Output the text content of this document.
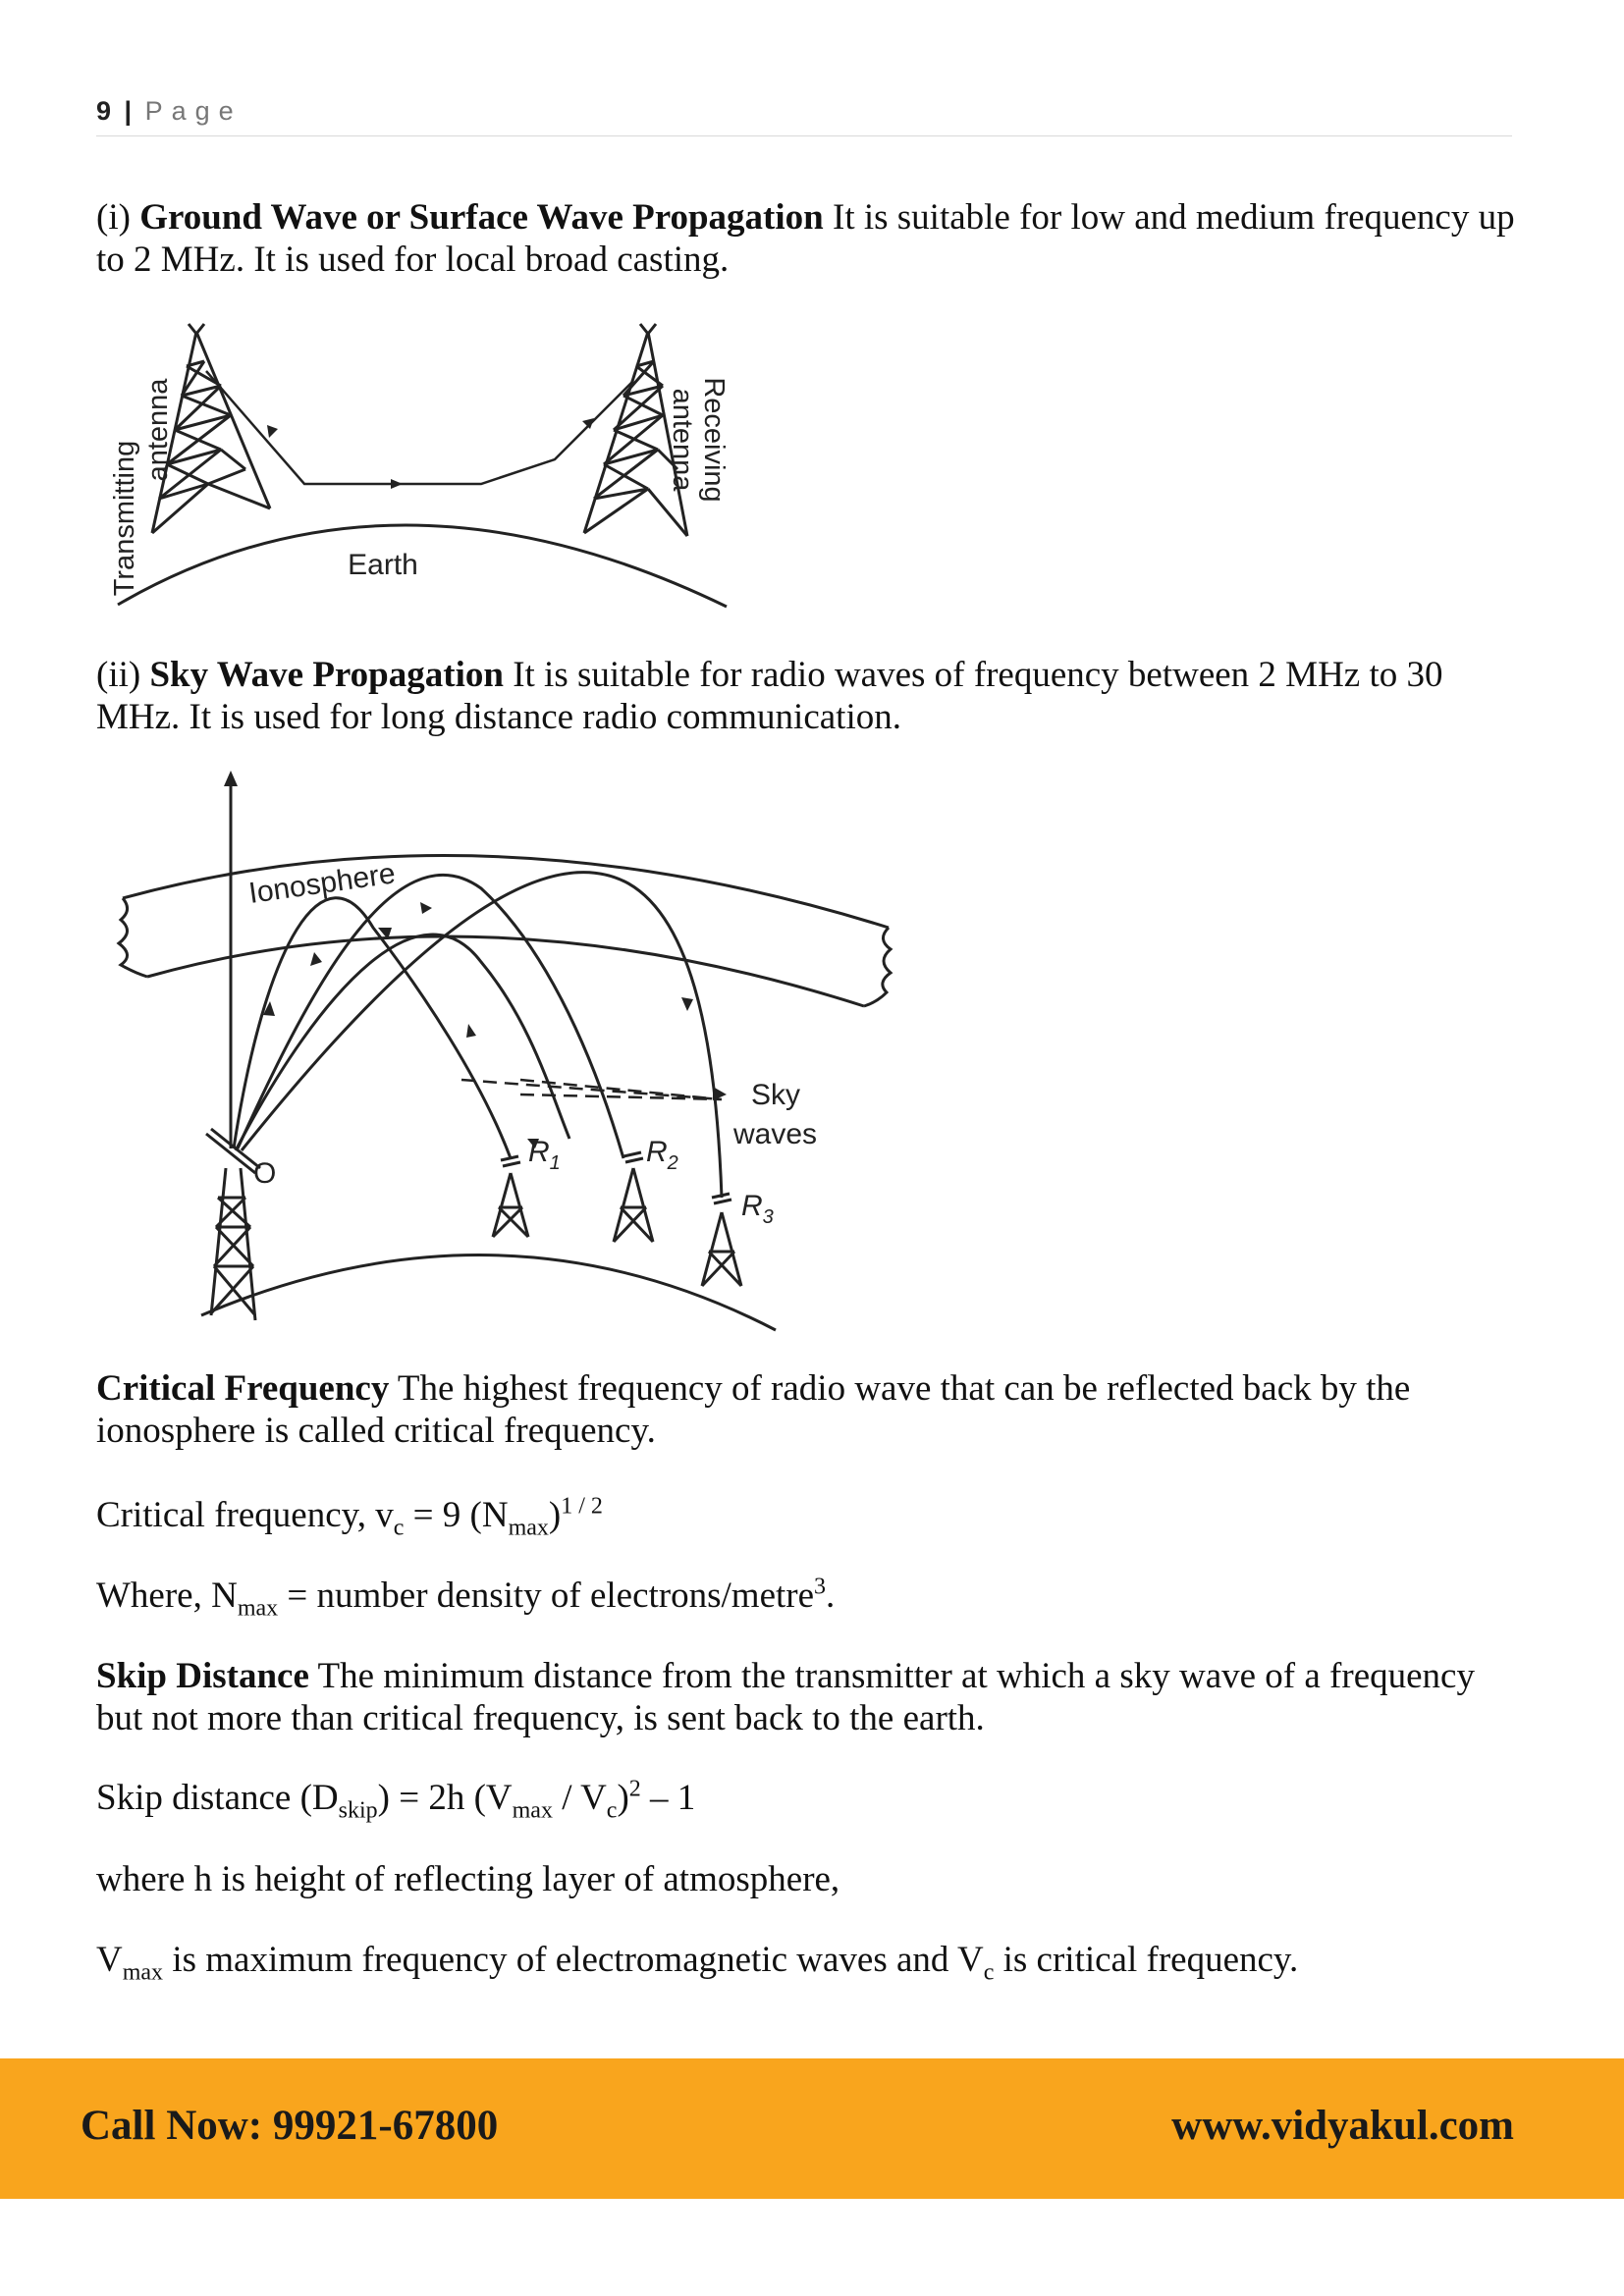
9 | Page

(i) Ground Wave or Surface Wave Propagation It is suitable for low and medium frequency up to 2 MHz. It is used for local broad casting.

Transmitting
antenna	Receiving
antenna
Earth

(ii) Sky Wave Propagation It is suitable for radio waves of frequency between 2 MHz to 30 MHz. It is used for long distance radio communication.

Ionosphere
Sky
waves
O
$R_1$	$R_2$
$R_3$

Critical Frequency The highest frequency of radio wave that can be reflected back by the ionosphere is called critical frequency.

Critical frequency, $v_c = 9$ $(N_{max})^{1 / 2}$

Where, $N_{max}$ = number density of electrons/metre$^3$.

Skip Distance The minimum distance from the transmitter at which a sky wave of a frequency but not more than critical frequency, is sent back to the earth.

Skip distance $(D_{skip}) = 2h$ $(V_{max} / V_c)^2 - 1$

where h is height of reflecting layer of atmosphere,

$V_{max}$ is maximum frequency of electromagnetic waves and $V_c$ is critical frequency.

Call Now: 99921-67800	www.vidyakul.com
